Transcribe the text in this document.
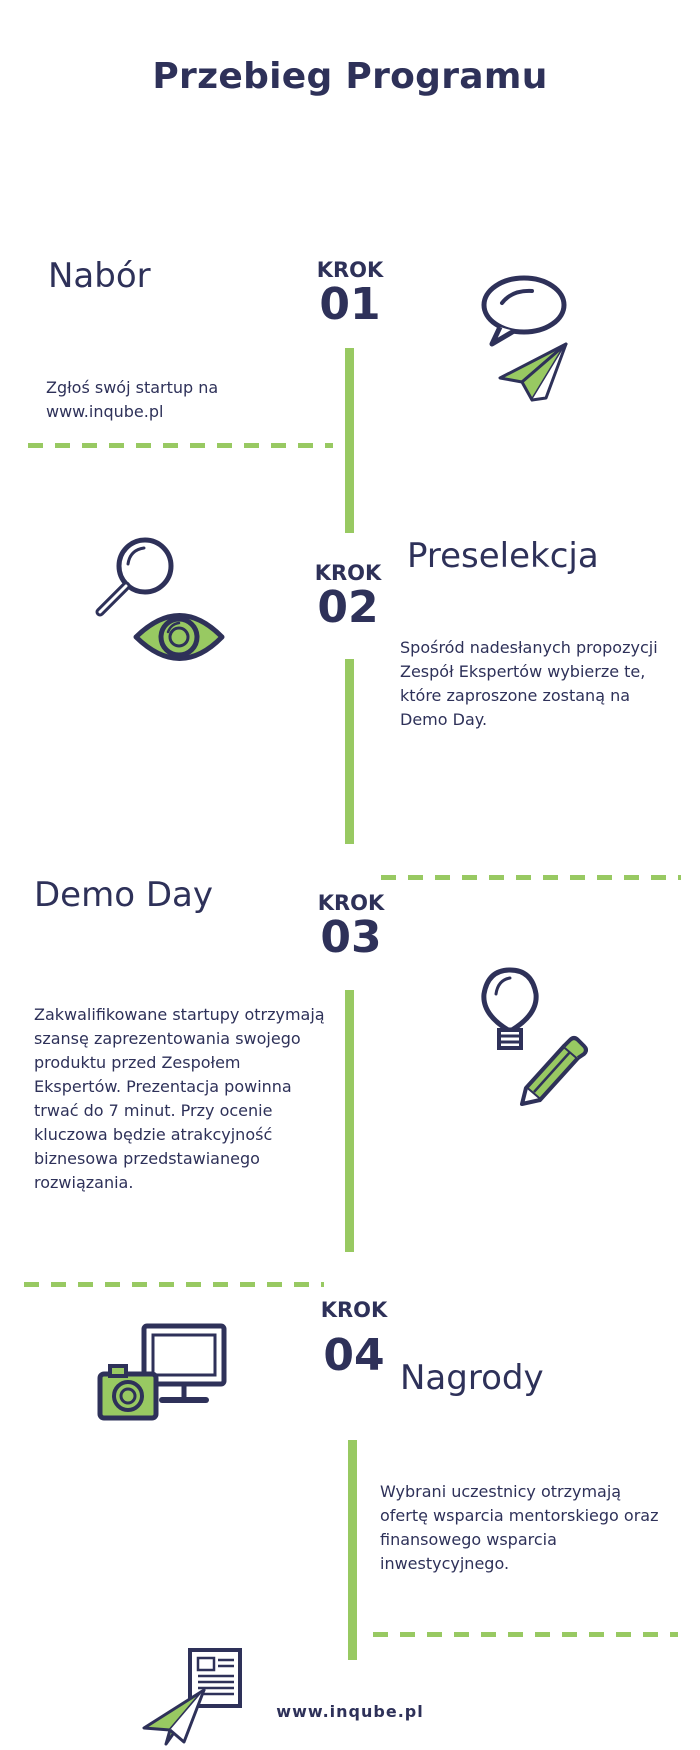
Przebieg Programu
Nabór	KROK
01
Zgłoś swój startup na www.inqube.pl
Preselekcja
KROK
02
Spośród nadesłanych propozycji Zespół Ekspertów wybierze te, które zaproszone zostaną na Demo Day.
Demo Day	KROK
03
Zakwalifikowane startupy otrzymają szansę zaprezentowania swojego produktu przed Zespołem Ekspertów. Prezentacja powinna trwać do 7 minut. Przy ocenie kluczowa będzie atrakcyjność biznesowa przedstawianego rozwiązania.
KROK
04 Nagrody
Wybrani uczestnicy otrzymają ofertę wsparcia mentorskiego oraz finansowego wsparcia inwestycyjnego.
www.inqube.pl
